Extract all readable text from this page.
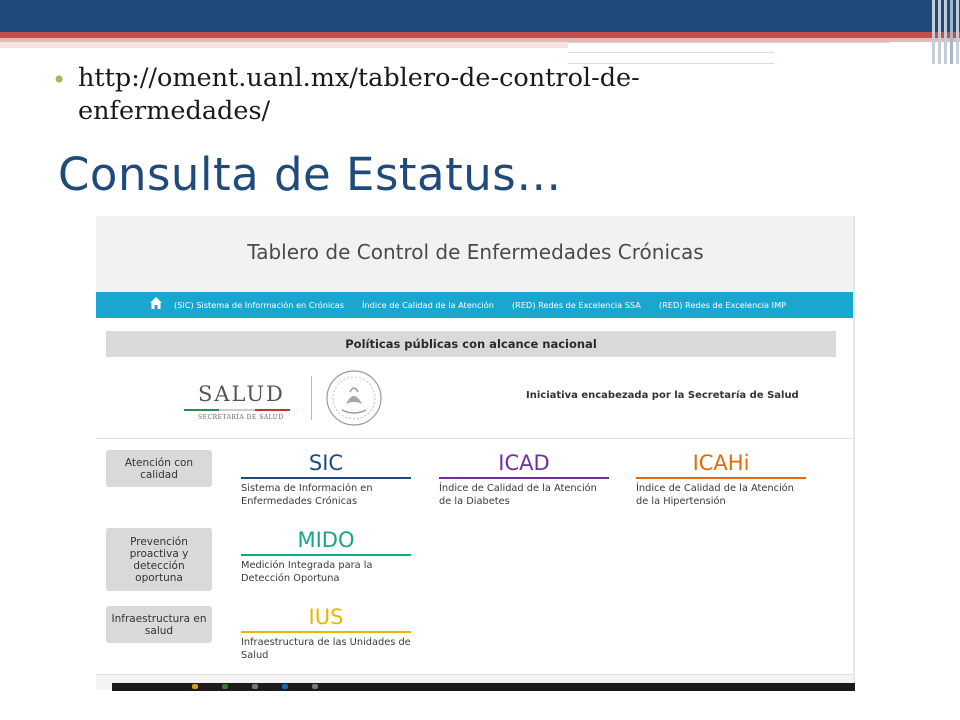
• http://oment.uanl.mx/tablero-de-control-de-enfermedades/
Consulta de Estatus…
Tablero de Control de Enfermedades Crónicas
(SIC) Sistema de Información en Crónicas Índice de Calidad de la Atención (RED) Redes de Excelencia SSA (RED) Redes de Excelencia IMP
Políticas públicas con alcance nacional
SALUD
SECRETARÍA DE SALUD
Iniciativa encabezada por la Secretaría de Salud
Atención con calidad
Prevención proactiva y detección oportuna
Infraestructura en salud
SIC
Sistema de Información en Enfermedades Crónicas
ICAD
Índice de Calidad de la Atención de la Diabetes
ICAHi
Índice de Calidad de la Atención de la Hipertensión
MIDO
Medición Integrada para la Detección Oportuna
IUS
Infraestructura de las Unidades de Salud
